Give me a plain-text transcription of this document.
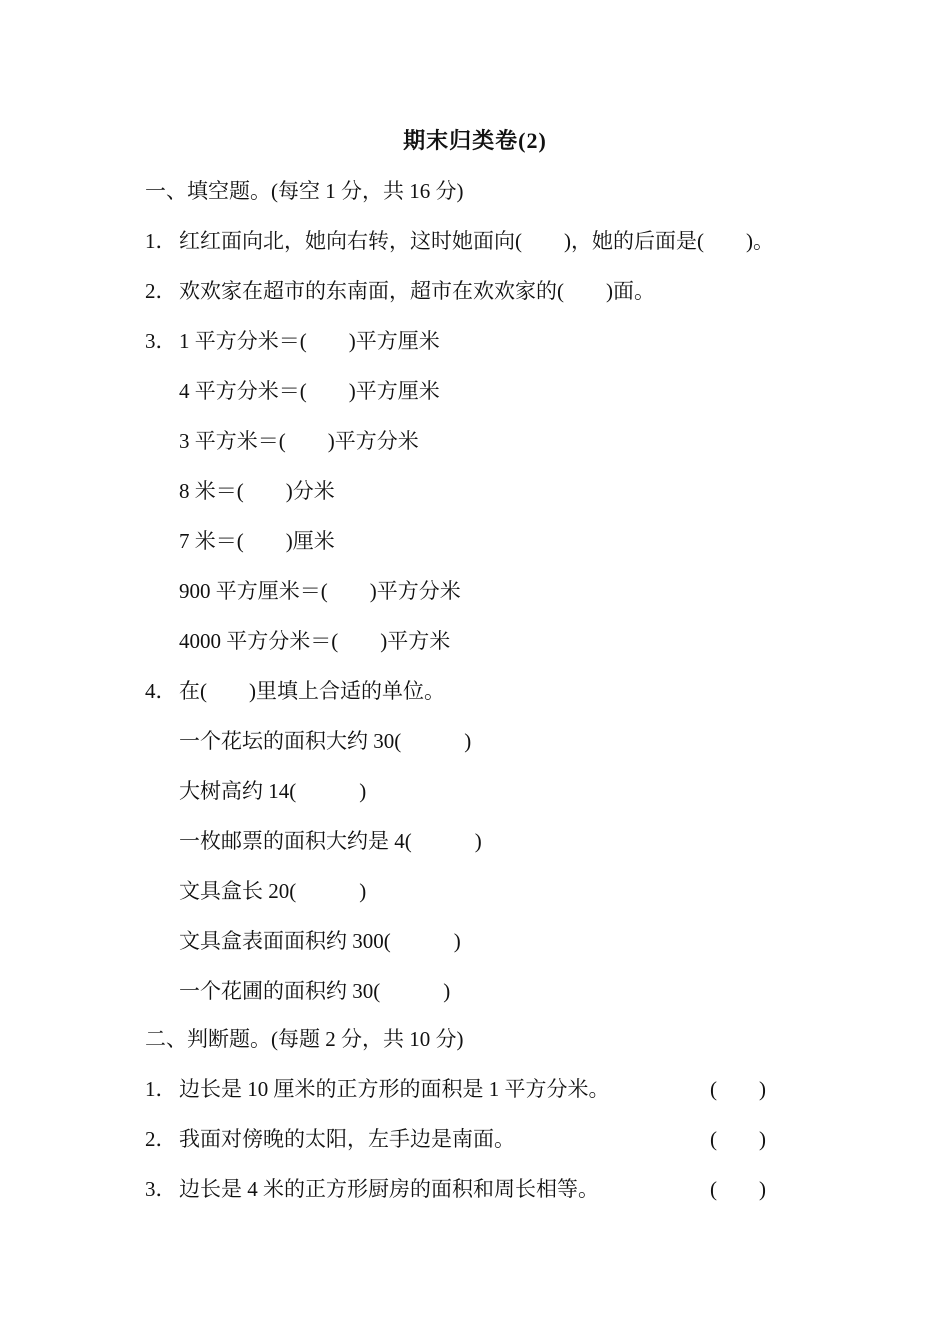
期末归类卷(2)
一、填空题。(每空 1 分，共 16 分)
1． 红红面向北，她向右转，这时她面向(　　)，她的后面是(　　)。
2． 欢欢家在超市的东南面，超市在欢欢家的(　　)面。
3． 1 平方分米＝(　　)平方厘米
4 平方分米＝(　　)平方厘米
3 平方米＝(　　)平方分米
8 米＝(　　)分米
7 米＝(　　)厘米
900 平方厘米＝(　　)平方分米
4000 平方分米＝(　　)平方米
4． 在(　　)里填上合适的单位。
一个花坛的面积大约 30(　　　)
大树高约 14(　　　)
一枚邮票的面积大约是 4(　　　)
文具盒长 20(　　　)
文具盒表面面积约 300(　　　)
一个花圃的面积约 30(　　　)
二、判断题。(每题 2 分，共 10 分)
1． 边长是 10 厘米的正方形的面积是 1 平方分米。	(　　)
2． 我面对傍晚的太阳，左手边是南面。	(　　)
3． 边长是 4 米的正方形厨房的面积和周长相等。	(　　)
